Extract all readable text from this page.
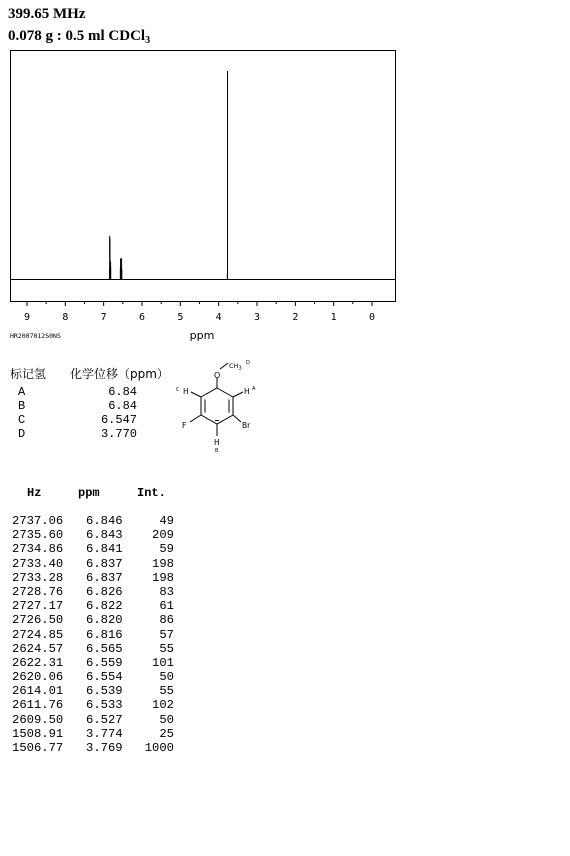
399.65 MHz
0.078 g : 0.5 ml CDCl$_3$
9	8	7	6	5	4	3	2	1	0
ppm
HR2007012S0NS
标记氢 化学位移（ppm）
A	6.84
B	6.84
C	6.547
D	3.770
O
$CH_3$
D
C H	H A
F	Br
H
B
Hz	ppm	Int.
2737.06 6.846	49
2735.60 6.843 209
2734.86 6.841	59
2733.40 6.837 198
2733.28 6.837 198
2728.76 6.826	83
2727.17 6.822	61
2726.50 6.820	86
2724.85 6.816	57
2624.57 6.565	55
2622.31 6.559 101
2620.06 6.554	50
2614.01 6.539	55
2611.76 6.533 102
2609.50 6.527	50
1508.91 3.774	25
1506.77 3.769 1000
